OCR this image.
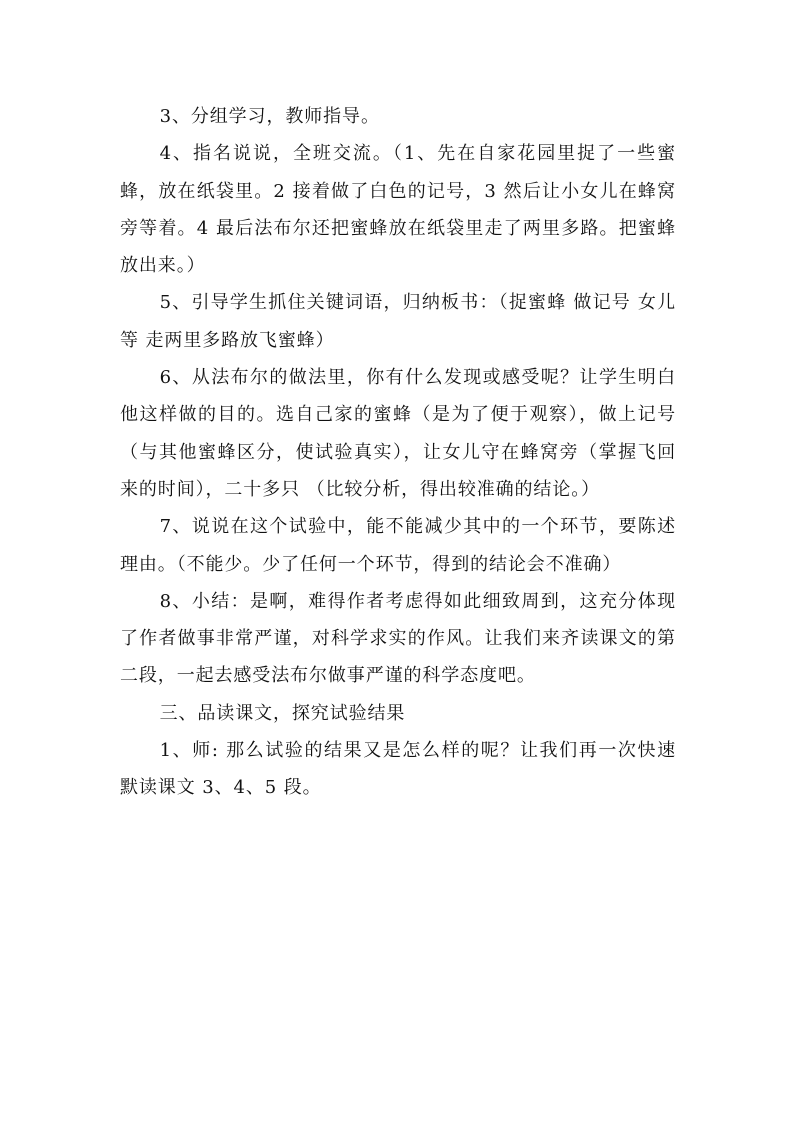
3、分组学习，教师指导。

4、指名说说，全班交流。（1、先在自家花园里捉了一些蜜蜂，放在纸袋里。2 接着做了白色的记号，3 然后让小女儿在蜂窝旁等着。4 最后法布尔还把蜜蜂放在纸袋里走了两里多路。把蜜蜂放出来。）

5、引导学生抓住关键词语，归纳板书：（捉蜜蜂 做记号 女儿等 走两里多路放飞蜜蜂）

6、从法布尔的做法里，你有什么发现或感受呢？让学生明白他这样做的目的。选自己家的蜜蜂（是为了便于观察），做上记号（与其他蜜蜂区分，使试验真实），让女儿守在蜂窝旁（掌握飞回来的时间），二十多只 （比较分析，得出较准确的结论。）

7、说说在这个试验中，能不能减少其中的一个环节，要陈述理由。（不能少。少了任何一个环节，得到的结论会不准确）

8、小结：是啊，难得作者考虑得如此细致周到，这充分体现了作者做事非常严谨，对科学求实的作风。让我们来齐读课文的第二段，一起去感受法布尔做事严谨的科学态度吧。

三、品读课文，探究试验结果

1、师: 那么试验的结果又是怎么样的呢？让我们再一次快速默读课文 3、4、5 段。
